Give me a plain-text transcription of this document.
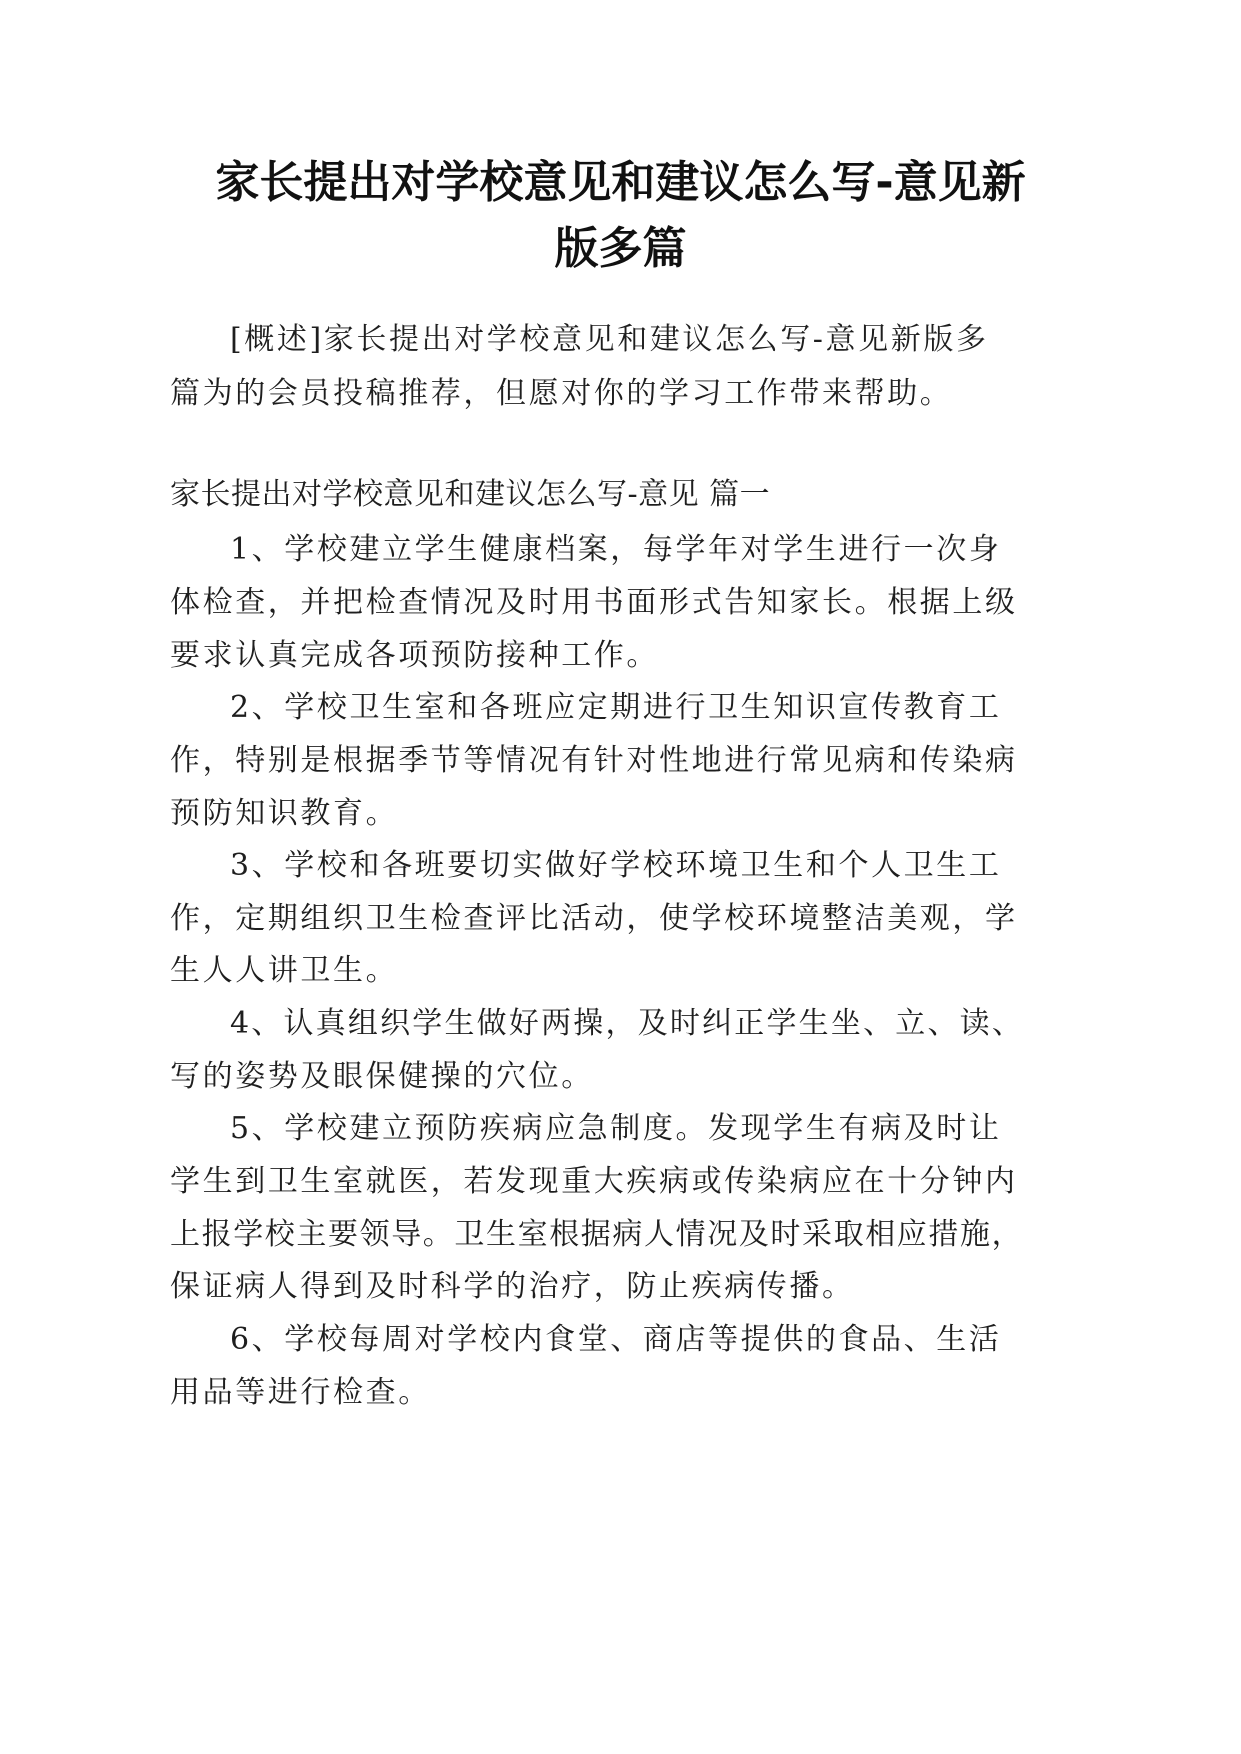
家长提出对学校意见和建议怎么写-意见新
版多篇

[概述]家长提出对学校意见和建议怎么写-意见新版多

篇为的会员投稿推荐，但愿对你的学习工作带来帮助。

家长提出对学校意见和建议怎么写-意见 篇一

1、学校建立学生健康档案，每学年对学生进行一次身

体检查，并把检查情况及时用书面形式告知家长。根据上级

要求认真完成各项预防接种工作。

2、学校卫生室和各班应定期进行卫生知识宣传教育工

作，特别是根据季节等情况有针对性地进行常见病和传染病

预防知识教育。

3、学校和各班要切实做好学校环境卫生和个人卫生工

作，定期组织卫生检查评比活动，使学校环境整洁美观，学

生人人讲卫生。

4、认真组织学生做好两操，及时纠正学生坐、立、读、

写的姿势及眼保健操的穴位。

5、学校建立预防疾病应急制度。发现学生有病及时让

学生到卫生室就医，若发现重大疾病或传染病应在十分钟内

上报学校主要领导。卫生室根据病人情况及时采取相应措施，

保证病人得到及时科学的治疗，防止疾病传播。

6、学校每周对学校内食堂、商店等提供的食品、生活

用品等进行检查。
